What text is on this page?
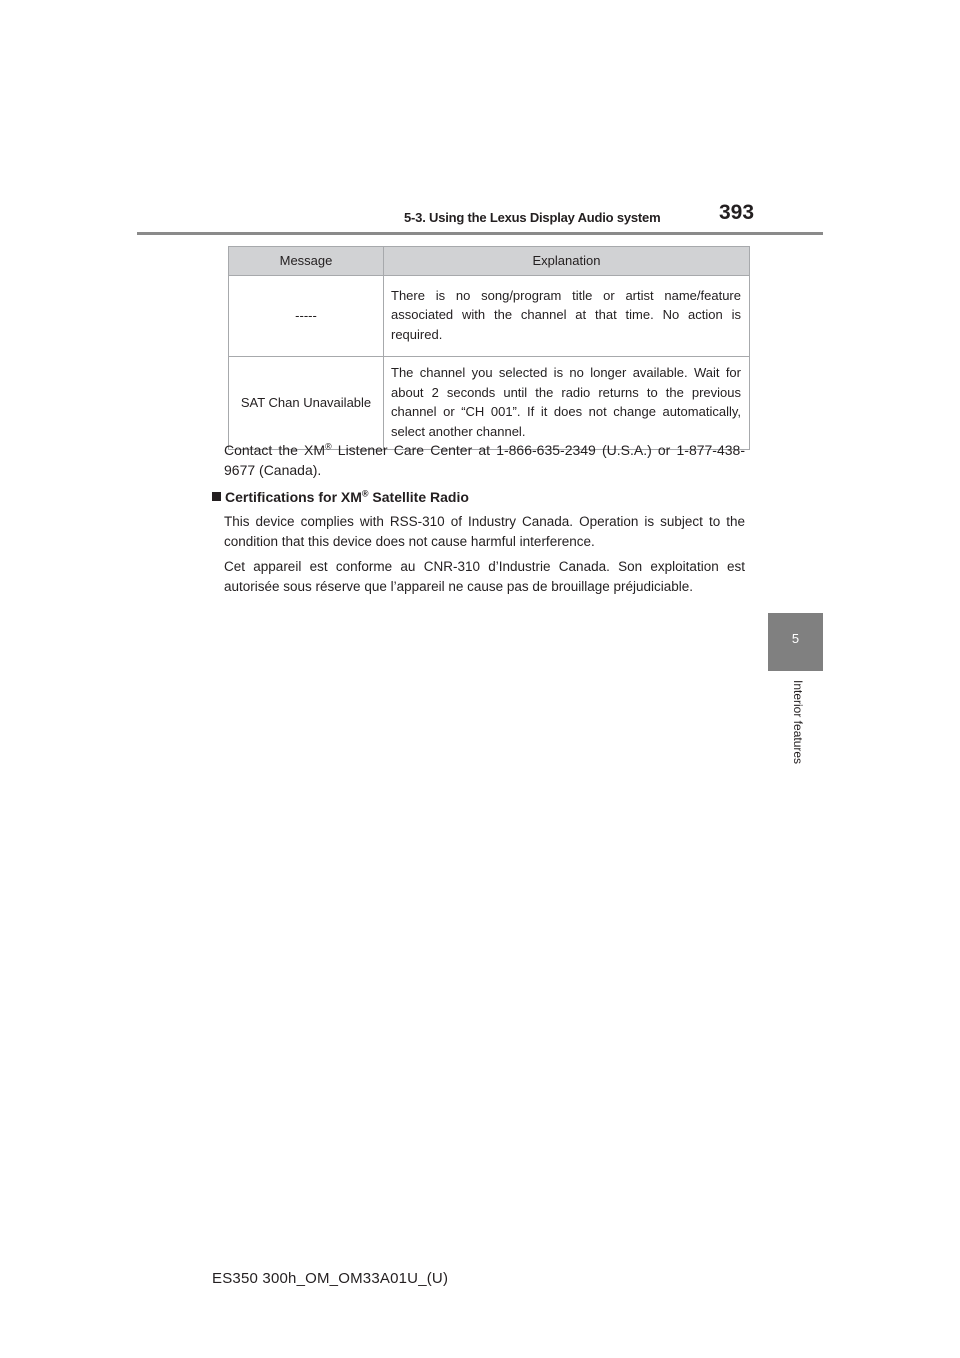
5-3. Using the Lexus Display Audio system	393
5
Interior features
Message	Explanation
-----	There is no song/program title or artist name/feature associated with the channel at that time. No action is required.
SAT Chan Unavailable	The channel you selected is no longer available. Wait for about 2 seconds until the radio returns to the previous channel or “CH 001”. If it does not change automatically, select another channel.
Contact the XM® Listener Care Center at 1-866-635-2349 (U.S.A.) or 1-877-438-9677 (Canada).
Certifications for XM® Satellite Radio
This device complies with RSS-310 of Industry Canada. Operation is subject to the condition that this device does not cause harmful interference.
Cet appareil est conforme au CNR-310 d’Industrie Canada. Son exploitation est autorisée sous réserve que l’appareil ne cause pas de brouillage préjudiciable.
ES350 300h_OM_OM33A01U_(U)
